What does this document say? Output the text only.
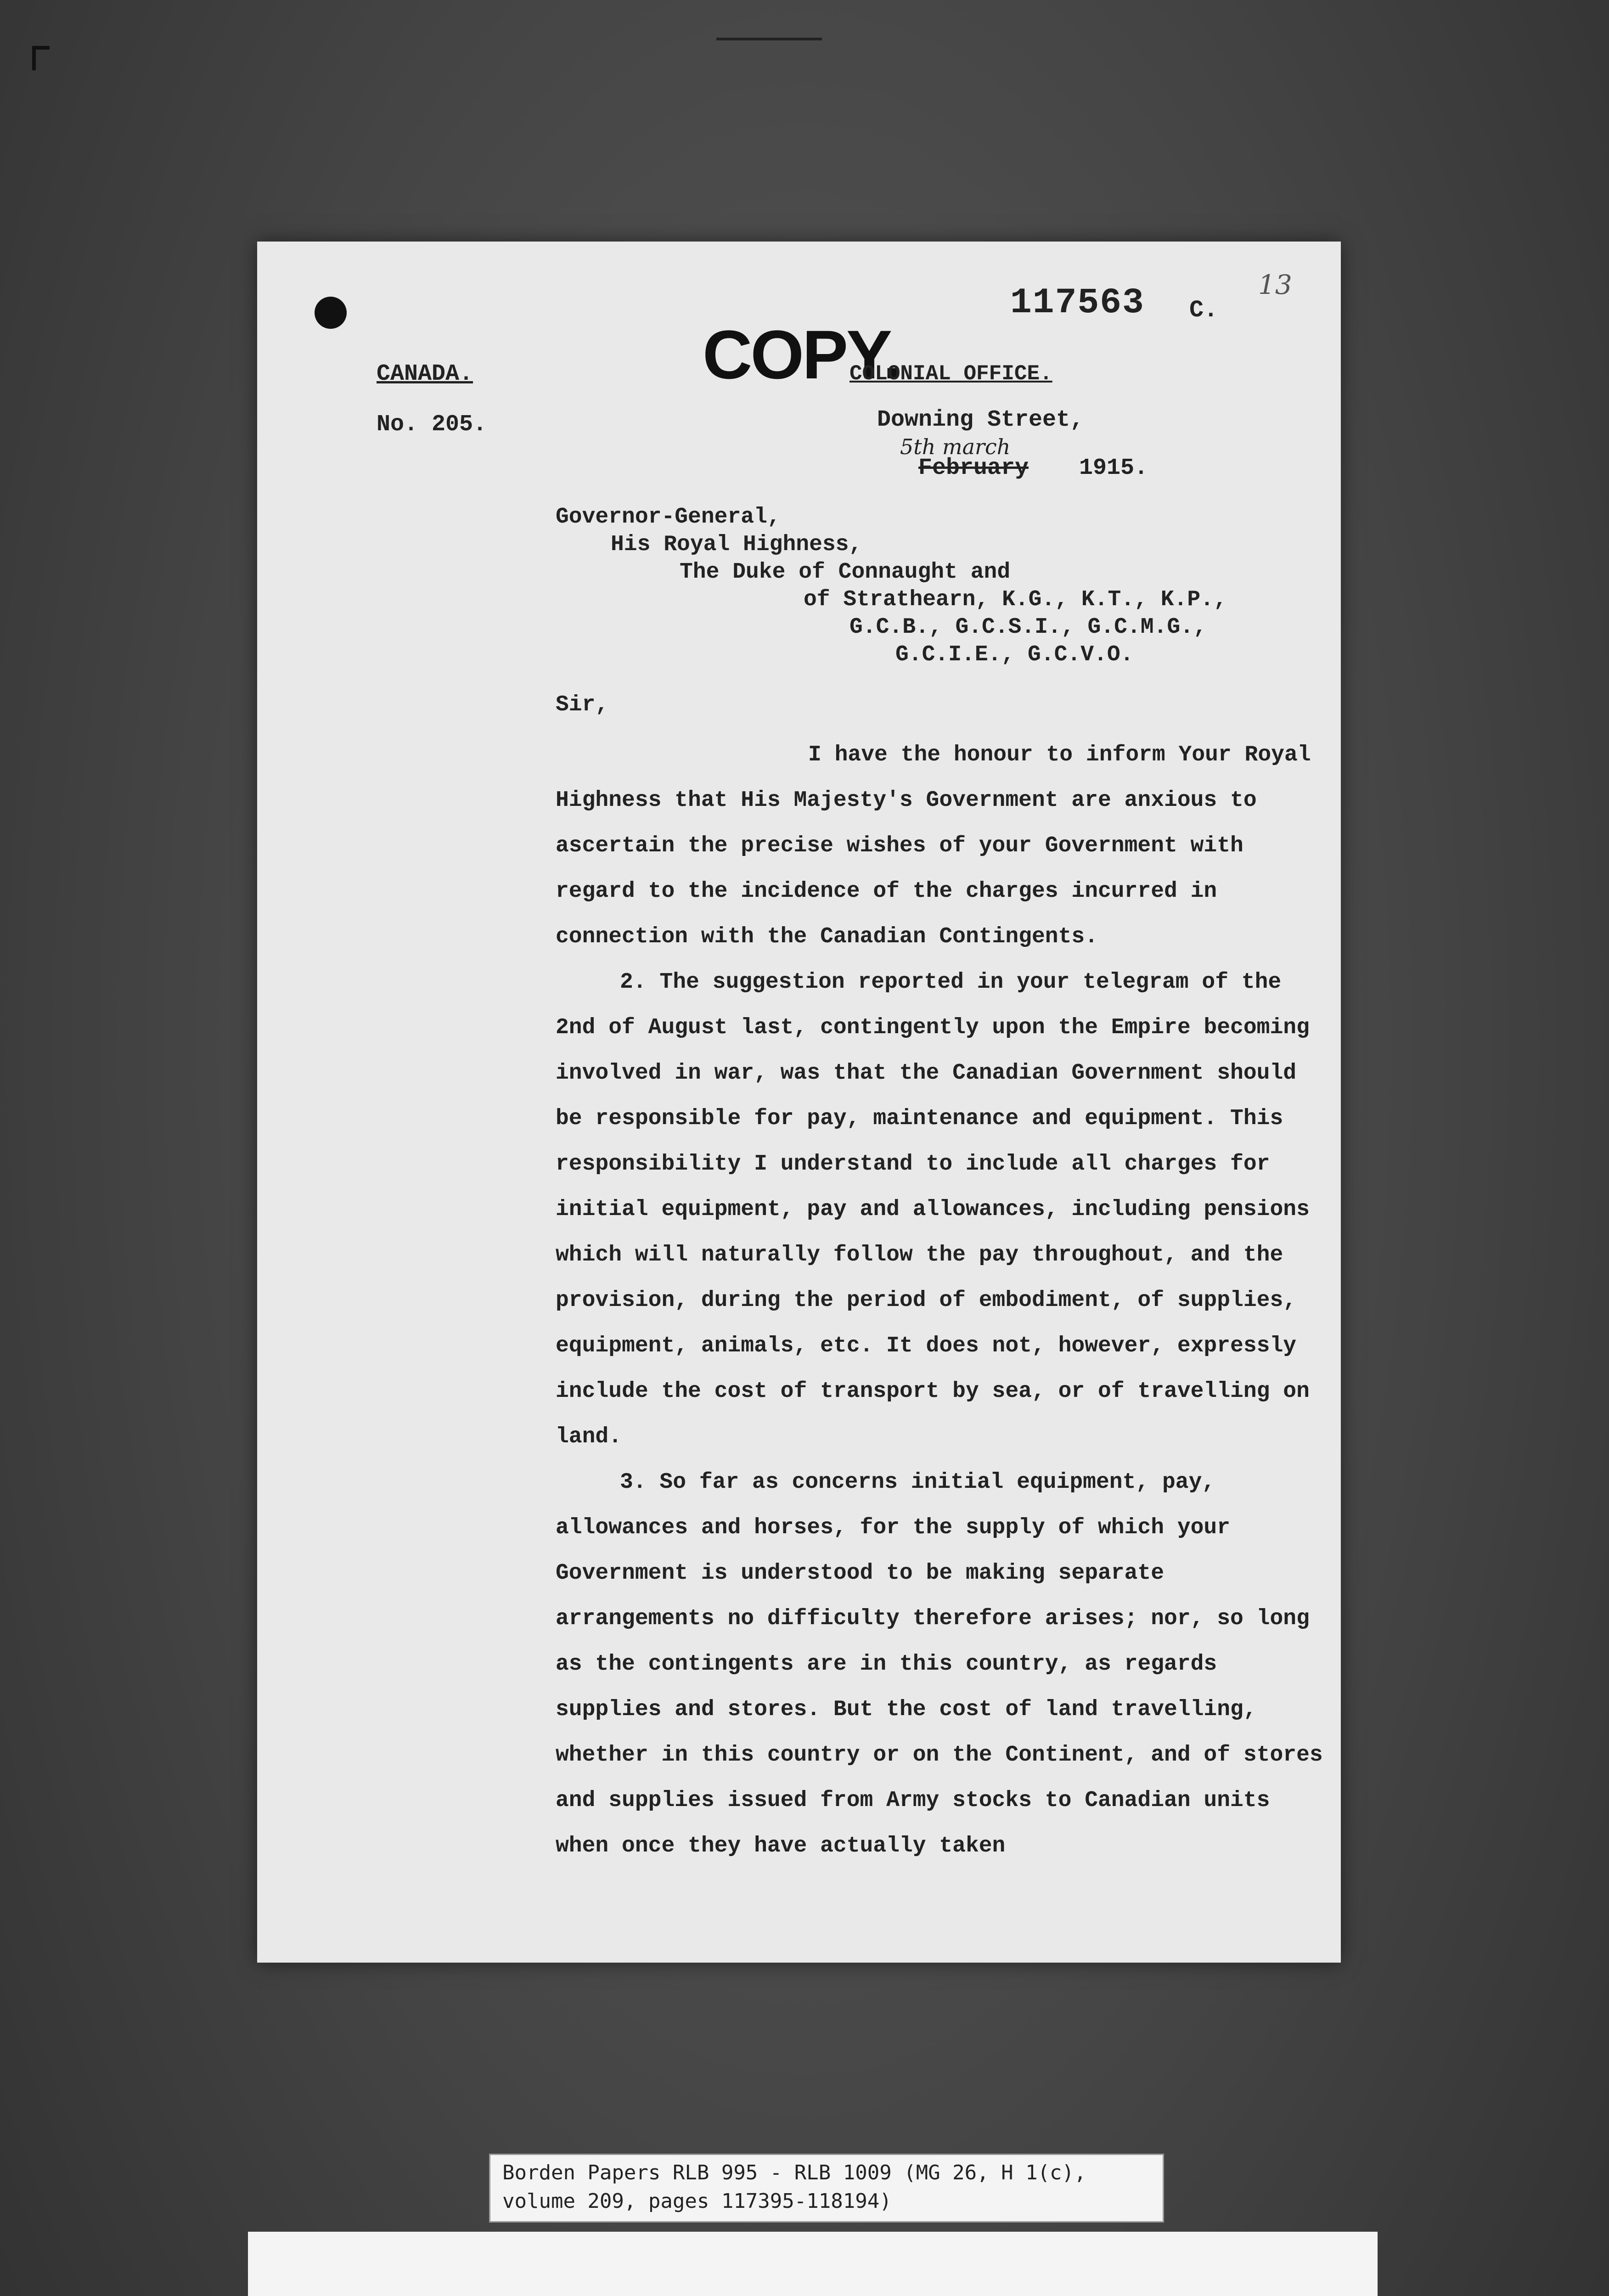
13
117563 C.
COPY.
COLONIAL OFFICE.
CANADA.
No. 205.	Downing Street,
5th march
February 1915.
Governor-General,
His Royal Highness,
The Duke of Connaught and
of Strathearn, K.G., K.T., K.P.,
G.C.B., G.C.S.I., G.C.M.G.,
G.C.I.E., G.C.V.O.

Sir,

I have the honour to inform Your Royal Highness that His Majesty's Government are anxious to ascertain the precise wishes of your Government with regard to the incidence of the charges incurred in connection with the Canadian Contingents.

2. The suggestion reported in your telegram of the 2nd of August last, contingently upon the Empire becoming involved in war, was that the Canadian Government should be responsible for pay, maintenance and equipment. This responsibility I understand to include all charges for initial equipment, pay and allowances, including pensions which will naturally follow the pay throughout, and the provision, during the period of embodiment, of supplies, equipment, animals, etc. It does not, however, expressly include the cost of transport by sea, or of travelling on land.

3. So far as concerns initial equipment, pay, allowances and horses, for the supply of which your Government is understood to be making separate arrangements no difficulty therefore arises; nor, so long as the contingents are in this country, as regards supplies and stores. But the cost of land travelling, whether in this country or on the Continent, and of stores and supplies issued from Army stocks to Canadian units when once they have actually taken

Borden Papers RLB 995 - RLB 1009 (MG 26, H 1(c),
volume 209, pages 117395-118194)
